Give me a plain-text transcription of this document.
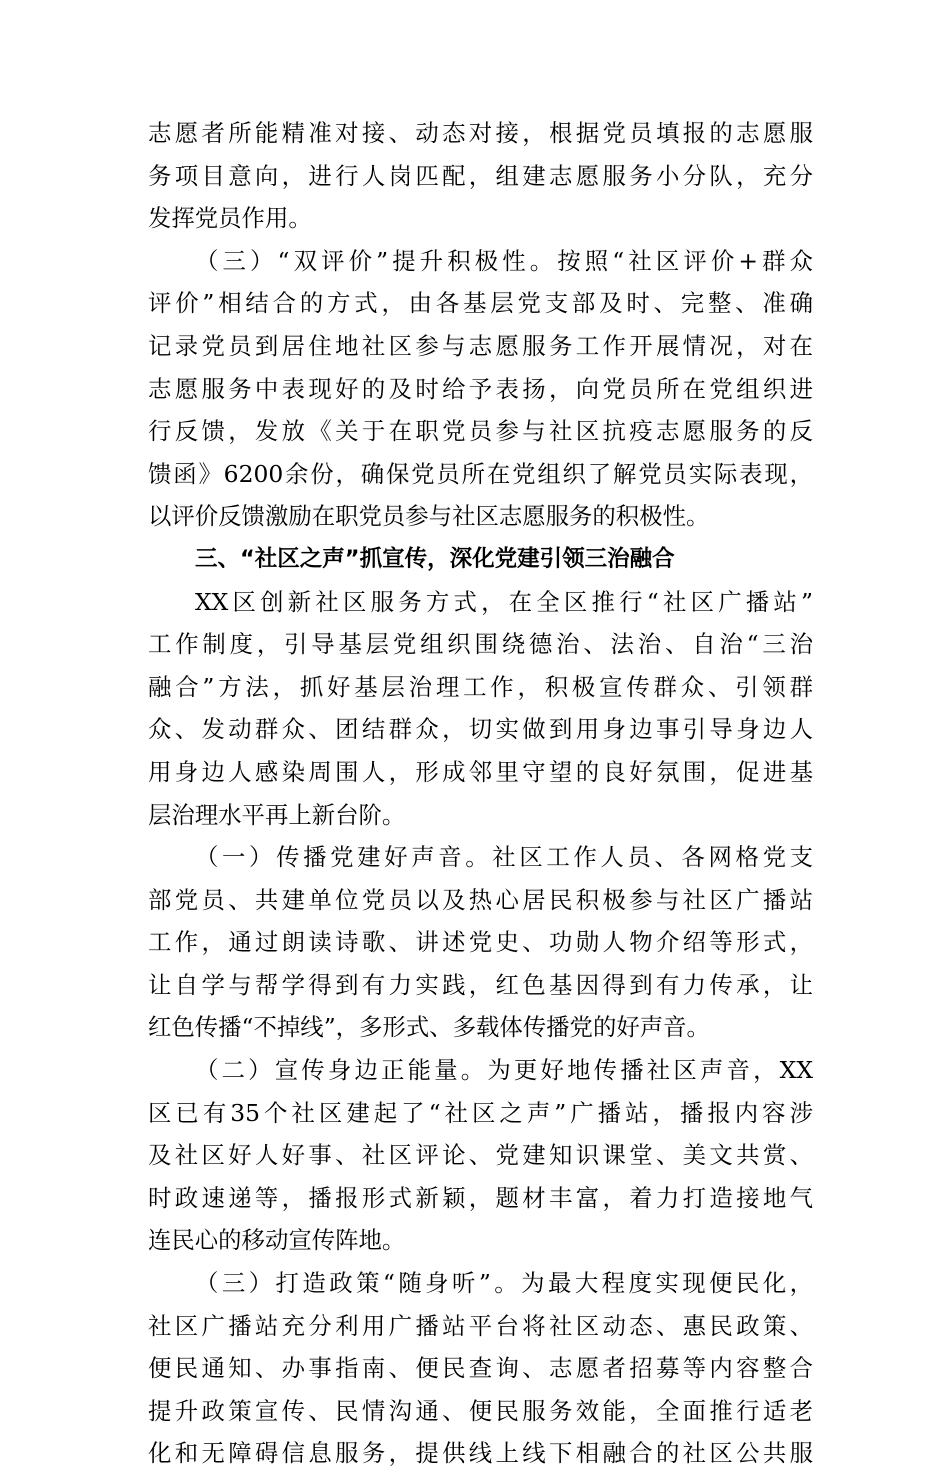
志愿者所能精准对接、动态对接，根据党员填报的志愿服
务项目意向，进行人岗匹配，组建志愿服务小分队，充分
发挥党员作用。
（三）“双评价”提升积极性。按照“社区评价+群众
评价”相结合的方式，由各基层党支部及时、完整、准确
记录党员到居住地社区参与志愿服务工作开展情况，对在
志愿服务中表现好的及时给予表扬，向党员所在党组织进
行反馈，发放《关于在职党员参与社区抗疫志愿服务的反
馈函》6200余份，确保党员所在党组织了解党员实际表现，
以评价反馈激励在职党员参与社区志愿服务的积极性。
三、“社区之声”抓宣传，深化党建引领三治融合
XX区创新社区服务方式，在全区推行“社区广播站”
工作制度，引导基层党组织围绕德治、法治、自治“三治
融合”方法，抓好基层治理工作，积极宣传群众、引领群
众、发动群众、团结群众，切实做到用身边事引导身边人
用身边人感染周围人，形成邻里守望的良好氛围，促进基
层治理水平再上新台阶。
（一）传播党建好声音。社区工作人员、各网格党支
部党员、共建单位党员以及热心居民积极参与社区广播站
工作，通过朗读诗歌、讲述党史、功勋人物介绍等形式，
让自学与帮学得到有力实践，红色基因得到有力传承，让
红色传播“不掉线”，多形式、多载体传播党的好声音。
（二）宣传身边正能量。为更好地传播社区声音，XX
区已有35个社区建起了“社区之声”广播站，播报内容涉
及社区好人好事、社区评论、党建知识课堂、美文共赏、
时政速递等，播报形式新颖，题材丰富，着力打造接地气
连民心的移动宣传阵地。
（三）打造政策“随身听”。为最大程度实现便民化，
社区广播站充分利用广播站平台将社区动态、惠民政策、
便民通知、办事指南、便民查询、志愿者招募等内容整合
提升政策宣传、民情沟通、便民服务效能，全面推行适老
化和无障碍信息服务，提供线上线下相融合的社区公共服
